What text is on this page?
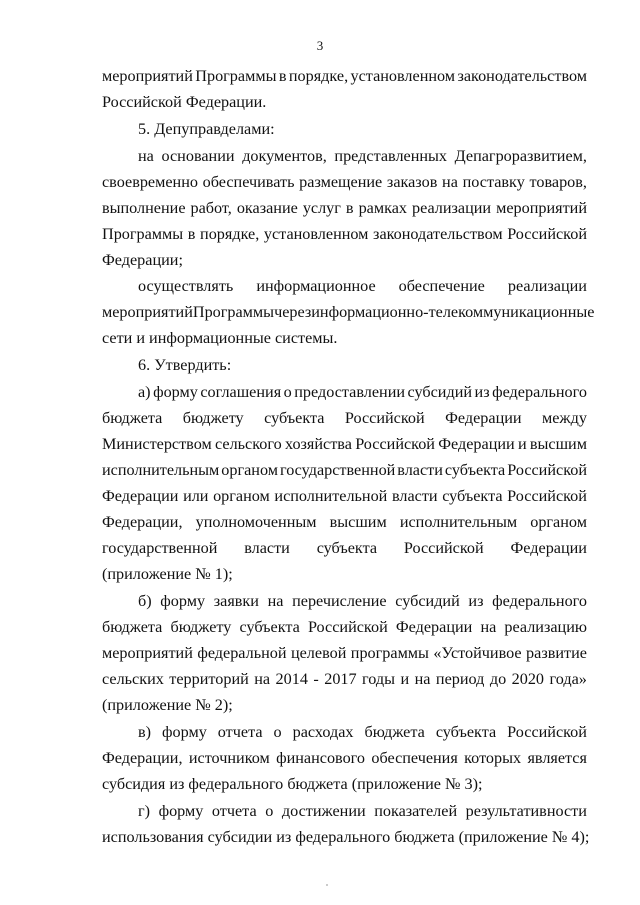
3
мероприятий Программы в порядке, установленном законодательством
Российской Федерации.
5. Депуправделами:
на основании документов, представленных Депагроразвитием,
своевременно обеспечивать размещение заказов на поставку товаров,
выполнение работ, оказание услуг в рамках реализации мероприятий
Программы в порядке, установленном законодательством Российской
Федерации;
осуществлять информационное обеспечение реализации
мероприятий Программы через информационно-телекоммуникационные
сети и информационные системы.
6. Утвердить:
а) форму соглашения о предоставлении субсидий из федерального
бюджета бюджету субъекта Российской Федерации между
Министерством сельского хозяйства Российской Федерации и высшим
исполнительным органом государственной власти субъекта Российской
Федерации или органом исполнительной власти субъекта Российской
Федерации, уполномоченным высшим исполнительным органом
государственной власти субъекта Российской Федерации
(приложение № 1);
б) форму заявки на перечисление субсидий из федерального
бюджета бюджету субъекта Российской Федерации на реализацию
мероприятий федеральной целевой программы «Устойчивое развитие
сельских территорий на 2014 - 2017 годы и на период до 2020 года»
(приложение № 2);
в) форму отчета о расходах бюджета субъекта Российской
Федерации, источником финансового обеспечения которых является
субсидия из федерального бюджета (приложение № 3);
г) форму отчета о достижении показателей результативности
использования субсидии из федерального бюджета (приложение № 4);
